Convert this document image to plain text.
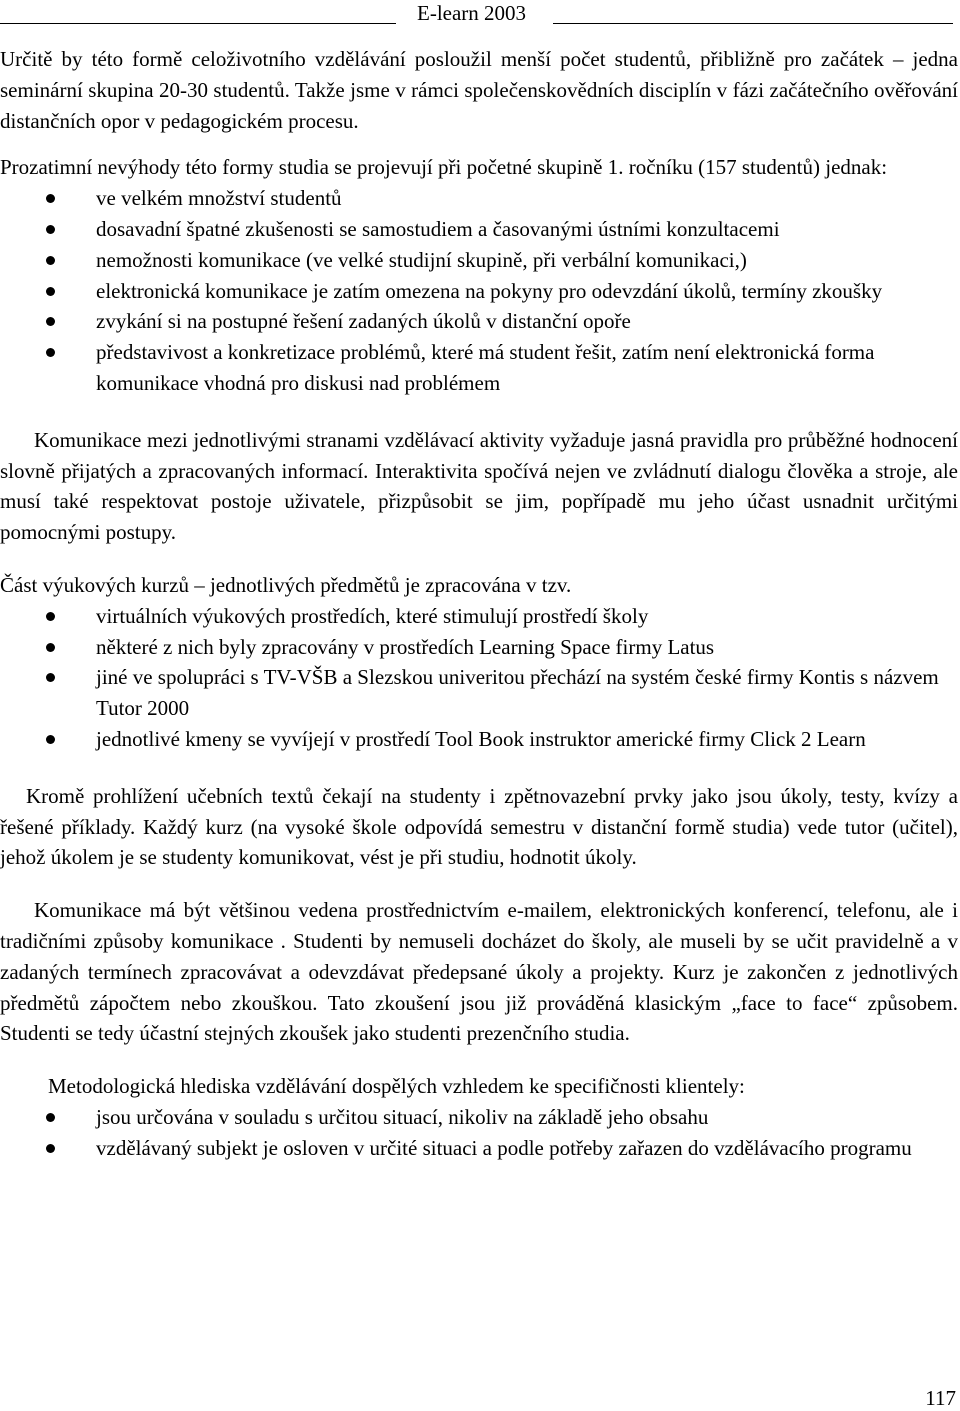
E-learn 2003

Určitě by této formě celoživotního vzdělávání posloužil menší počet studentů, přibližně pro začátek – jedna seminární skupina 20-30 studentů. Takže jsme v rámci společenskovědních disciplín v fázi začátečního ověřování distančních opor v pedagogickém procesu.

Prozatimní nevýhody této formy studia se projevují při početné skupině 1. ročníku (157 studentů) jednak:

ve velkém množství studentů
dosavadní špatné zkušenosti se samostudiem a časovanými ústními konzultacemi
nemožnosti komunikace (ve velké studijní skupině, při verbální komunikaci,)
elektronická komunikace je zatím omezena na pokyny pro odevzdání úkolů, termíny zkoušky
zvykání si na postupné řešení zadaných úkolů v distanční opoře
představivost a konkretizace problémů, které má student řešit, zatím není elektronická forma komunikace vhodná pro diskusi nad problémem

Komunikace mezi jednotlivými stranami vzdělávací aktivity vyžaduje jasná pravidla pro průběžné hodnocení slovně přijatých a zpracovaných informací. Interaktivita spočívá nejen ve zvládnutí dialogu člověka a stroje, ale musí také respektovat postoje uživatele, přizpůsobit se jim, popřípadě mu jeho účast usnadnit určitými pomocnými postupy.

Část výukových kurzů – jednotlivých předmětů je zpracována v tzv.

virtuálních výukových prostředích, které stimulují prostředí školy
některé z nich byly zpracovány v prostředích Learning Space firmy Latus
jiné ve spolupráci s TV-VŠB a Slezskou univeritou přechází na systém české firmy Kontis s názvem Tutor 2000
jednotlivé kmeny se vyvíjejí v prostředí Tool Book instruktor americké firmy Click 2 Learn

Kromě prohlížení učebních textů čekají na studenty i zpětnovazební prvky jako jsou úkoly, testy, kvízy a řešené příklady. Každý kurz (na vysoké škole odpovídá semestru v distanční formě studia) vede tutor (učitel), jehož úkolem je se studenty komunikovat, vést je při studiu, hodnotit úkoly.

Komunikace má být většinou vedena prostřednictvím e-mailem, elektronických konferencí, telefonu, ale i tradičními způsoby komunikace . Studenti by nemuseli docházet do školy, ale museli by se učit pravidelně a v zadaných termínech zpracovávat a odevzdávat předepsané úkoly a projekty. Kurz je zakončen z jednotlivých předmětů zápočtem nebo zkouškou. Tato zkoušení jsou již prováděná klasickým „face to face“ způsobem. Studenti se tedy účastní stejných zkoušek jako studenti prezenčního studia.

Metodologická hlediska vzdělávání dospělých vzhledem ke specifičnosti klientely:

jsou určována v souladu s určitou situací, nikoliv na základě jeho obsahu
vzdělávaný subjekt je osloven v určité situaci a podle potřeby zařazen do vzdělávacího programu
117
